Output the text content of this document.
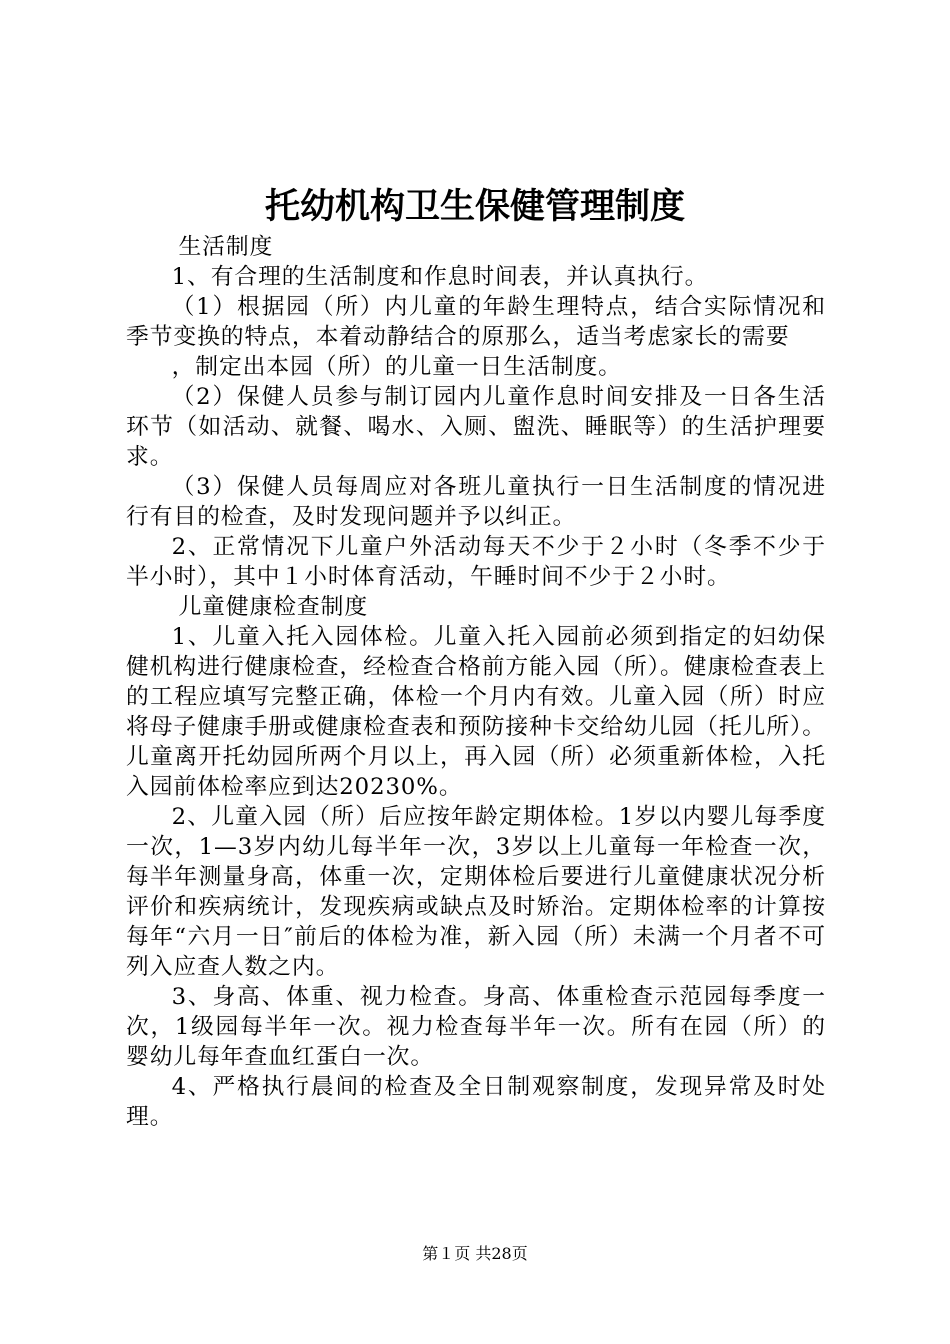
托幼机构卫生保健管理制度

生活制度

1、有合理的生活制度和作息时间表，并认真执行。

（1）根据园（所）内儿童的年龄生理特点，结合实际情况和季节变换的特点，本着动静结合的原那么，适当考虑家长的需要

，制定出本园（所）的儿童一日生活制度。

（2）保健人员参与制订园内儿童作息时间安排及一日各生活环节（如活动、就餐、喝水、入厕、盥洗、睡眠等）的生活护理要求。

（3）保健人员每周应对各班儿童执行一日生活制度的情况进行有目的检查，及时发现问题并予以纠正。

2、正常情况下儿童户外活动每天不少于２小时（冬季不少于半小时），其中１小时体育活动，午睡时间不少于２小时。

儿童健康检查制度

1、儿童入托入园体检。儿童入托入园前必须到指定的妇幼保健机构进行健康检查，经检查合格前方能入园（所）。健康检查表上的工程应填写完整正确，体检一个月内有效。儿童入园（所）时应将母子健康手册或健康检查表和预防接种卡交给幼儿园（托儿所）。儿童离开托幼园所两个月以上，再入园（所）必须重新体检，入托入园前体检率应到达20230%。

2、儿童入园（所）后应按年龄定期体检。1岁以内婴儿每季度一次，1—3岁内幼儿每半年一次，3岁以上儿童每一年检查一次，每半年测量身高，体重一次，定期体检后要进行儿童健康状况分析评价和疾病统计，发现疾病或缺点及时矫治。定期体检率的计算按每年“六月一日″前后的体检为准，新入园（所）未满一个月者不可列入应查人数之内。

3、身高、体重、视力检查。身高、体重检查示范园每季度一次，1级园每半年一次。视力检查每半年一次。所有在园（所）的婴幼儿每年查血红蛋白一次。

4、严格执行晨间的检查及全日制观察制度，发现异常及时处理。

第１页 共28页
